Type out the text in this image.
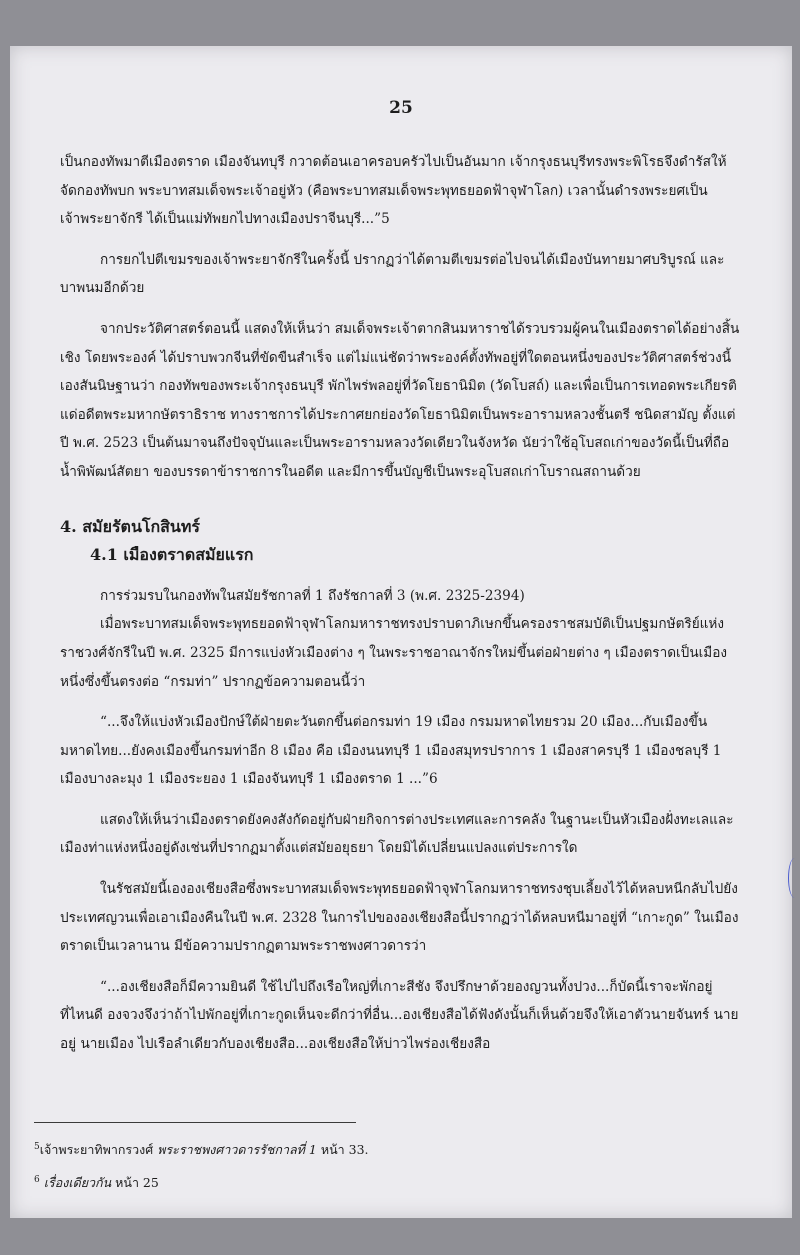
25

เป็นกองทัพมาตีเมืองตราด เมืองจันทบุรี กวาดต้อนเอาครอบครัวไปเป็นอันมาก เจ้ากรุงธนบุรีทรงพระพิโรธจึงดำรัสให้จัดกองทัพบก พระบาทสมเด็จพระเจ้าอยู่หัว (คือพระบาทสมเด็จพระพุทธยอดฟ้าจุฬาโลก) เวลานั้นดำรงพระยศเป็นเจ้าพระยาจักรี ได้เป็นแม่ทัพยกไปทางเมืองปราจีนบุรี...”5

การยกไปตีเขมรของเจ้าพระยาจักรีในครั้งนี้ ปรากฏว่าได้ตามตีเขมรต่อไปจนได้เมืองบันทายมาศบริบูรณ์ และบาพนมอีกด้วย

จากประวัติศาสตร์ตอนนี้ แสดงให้เห็นว่า สมเด็จพระเจ้าตากสินมหาราชได้รวบรวมผู้คนในเมืองตราดได้อย่างสิ้นเชิง โดยพระองค์ ได้ปราบพวกจีนที่ขัดขืนสำเร็จ แต่ไม่แน่ชัดว่าพระองค์ตั้งทัพอยู่ที่ใดตอนหนึ่งของประวัติศาสตร์ช่วงนี้เองสันนิษฐานว่า กองทัพของพระเจ้ากรุงธนบุรี พักไพร่พลอยู่ที่วัดโยธานิมิต (วัดโบสถ์) และเพื่อเป็นการเทอดพระเกียรติแด่อดีตพระมหากษัตราธิราช ทางราชการได้ประกาศยกย่องวัดโยธานิมิตเป็นพระอารามหลวงชั้นตรี ชนิดสามัญ ตั้งแต่ปี พ.ศ. 2523 เป็นต้นมาจนถึงปัจจุบันและเป็นพระอารามหลวงวัดเดียวในจังหวัด นัยว่าใช้อุโบสถเก่าของวัดนี้เป็นที่ถือน้ำพิพัฒน์สัตยา ของบรรดาข้าราชการในอดีต และมีการขึ้นบัญชีเป็นพระอุโบสถเก่าโบราณสถานด้วย

4. สมัยรัตนโกสินทร์

4.1 เมืองตราดสมัยแรก

การร่วมรบในกองทัพในสมัยรัชกาลที่ 1 ถึงรัชกาลที่ 3 (พ.ศ. 2325-2394)

เมื่อพระบาทสมเด็จพระพุทธยอดฟ้าจุฬาโลกมหาราชทรงปราบดาภิเษกขึ้นครองราชสมบัติเป็นปฐมกษัตริย์แห่งราชวงศ์จักรีในปี พ.ศ. 2325 มีการแบ่งหัวเมืองต่าง ๆ ในพระราชอาณาจักรใหม่ขึ้นต่อฝ่ายต่าง ๆ เมืองตราดเป็นเมืองหนึ่งซึ่งขึ้นตรงต่อ “กรมท่า” ปรากฏข้อความตอนนี้ว่า

“...จึงให้แบ่งหัวเมืองปักษ์ใต้ฝ่ายตะวันตกขึ้นต่อกรมท่า 19 เมือง กรมมหาดไทยรวม 20 เมือง...กับเมืองขึ้นมหาดไทย...ยังคงเมืองขึ้นกรมท่าอีก 8 เมือง คือ เมืองนนทบุรี 1 เมืองสมุทรปราการ 1 เมืองสาครบุรี 1 เมืองชลบุรี 1 เมืองบางละมุง 1 เมืองระยอง 1 เมืองจันทบุรี 1 เมืองตราด 1 ...”6

แสดงให้เห็นว่าเมืองตราดยังคงสังกัดอยู่กับฝ่ายกิจการต่างประเทศและการคลัง ในฐานะเป็นหัวเมืองฝั่งทะเลและเมืองท่าแห่งหนึ่งอยู่ดังเช่นที่ปรากฏมาตั้งแต่สมัยอยุธยา โดยมิได้เปลี่ยนแปลงแต่ประการใด

ในรัชสมัยนี้เององเชียงสือซึ่งพระบาทสมเด็จพระพุทธยอดฟ้าจุฬาโลกมหาราชทรงชุบเลี้ยงไว้ได้หลบหนีกลับไปยังประเทศญวนเพื่อเอาเมืองคืนในปี พ.ศ. 2328 ในการไปขององเชียงสือนี้ปรากฏว่าได้หลบหนีมาอยู่ที่ “เกาะกูด” ในเมืองตราดเป็นเวลานาน มีข้อความปรากฏตามพระราชพงศาวดารว่า

“...องเชียงสือก็มีความยินดี ใช้ไปไปถึงเรือใหญ่ที่เกาะสีชัง จึงปรึกษาด้วยองญวนทั้งปวง...ก็บัดนี้เราจะพักอยู่ที่ไหนดี องจวงจึงว่าถ้าไปพักอยู่ที่เกาะกูดเห็นจะดีกว่าที่อื่น...องเชียงสือได้ฟังดังนั้นก็เห็นด้วยจึงให้เอาตัวนายจันทร์ นายอยู่ นายเมือง ไปเรือลำเดียวกับองเชียงสือ...องเชียงสือให้บ่าวไพร่องเชียงสือ

$^5$เจ้าพระยาทิพากรวงศ์ พระราชพงศาวดารรัชกาลที่ 1 หน้า 33.

$^6$ เรื่องเดียวกัน หน้า 25
